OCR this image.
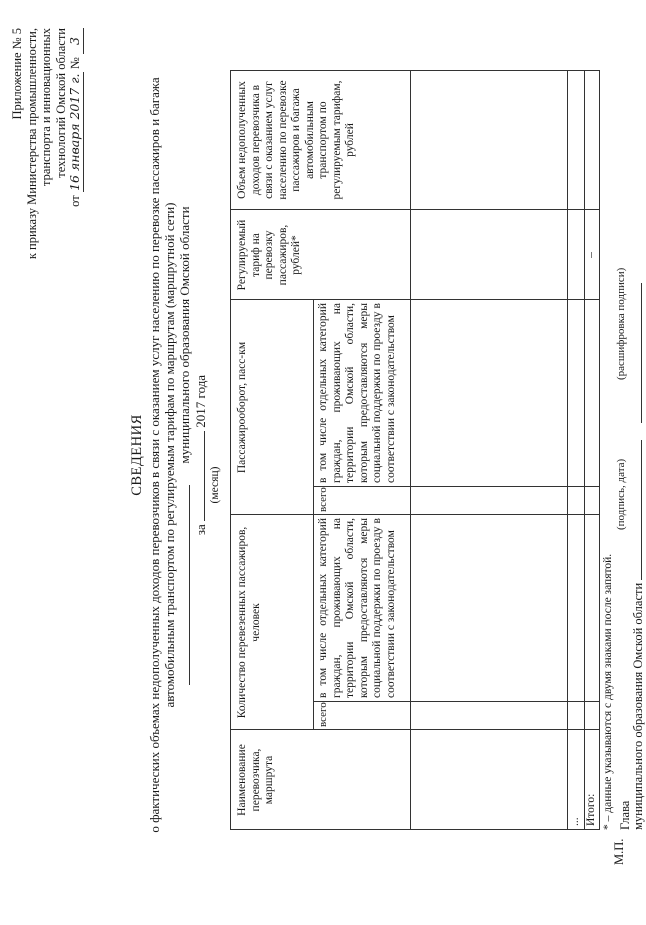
Приложение № 5 к приказу Министерства промышленности, транспорта и инновационных технологий Омской области
от 16 января 2017 г. № 3
СВЕДЕНИЯ о фактических объемах недополученных доходов перевозчиков в связи с оказанием услуг населению по перевозке пассажиров и багажа автомобильным транспортом по регулируемым тарифам по маршрутам (маршрутной сети) муниципального образования Омской области
за  2017 года
(месяц)
Наименование перевозчика, маршрута
Количество перевезенных пассажиров, человек
Пассажирооборот, пасс-км
Регулируемый тариф на перевозку пассажиров, рублей*
Объем недополученных доходов перевозчика в связи с оказанием услуг населению по перевозке пассажиров и багажа автомобильным транспортом по регулируемым тарифам, рублей
всего
в том числе отдельных категорий граждан, проживающих на территории Омской области, которым предоставляются меры социальной поддержки по проезду в соответствии с законодательством
всего
в том числе отдельных категорий граждан, проживающих на территории Омской области, которым предоставляются меры социальной поддержки по проезду в соответствии с законодательством
... Итого:
–
* – данные указываются с двумя знаками после запятой. Глава муниципального образования Омской области
(подпись, дата)
(расшифровка подписи)
М.П.
